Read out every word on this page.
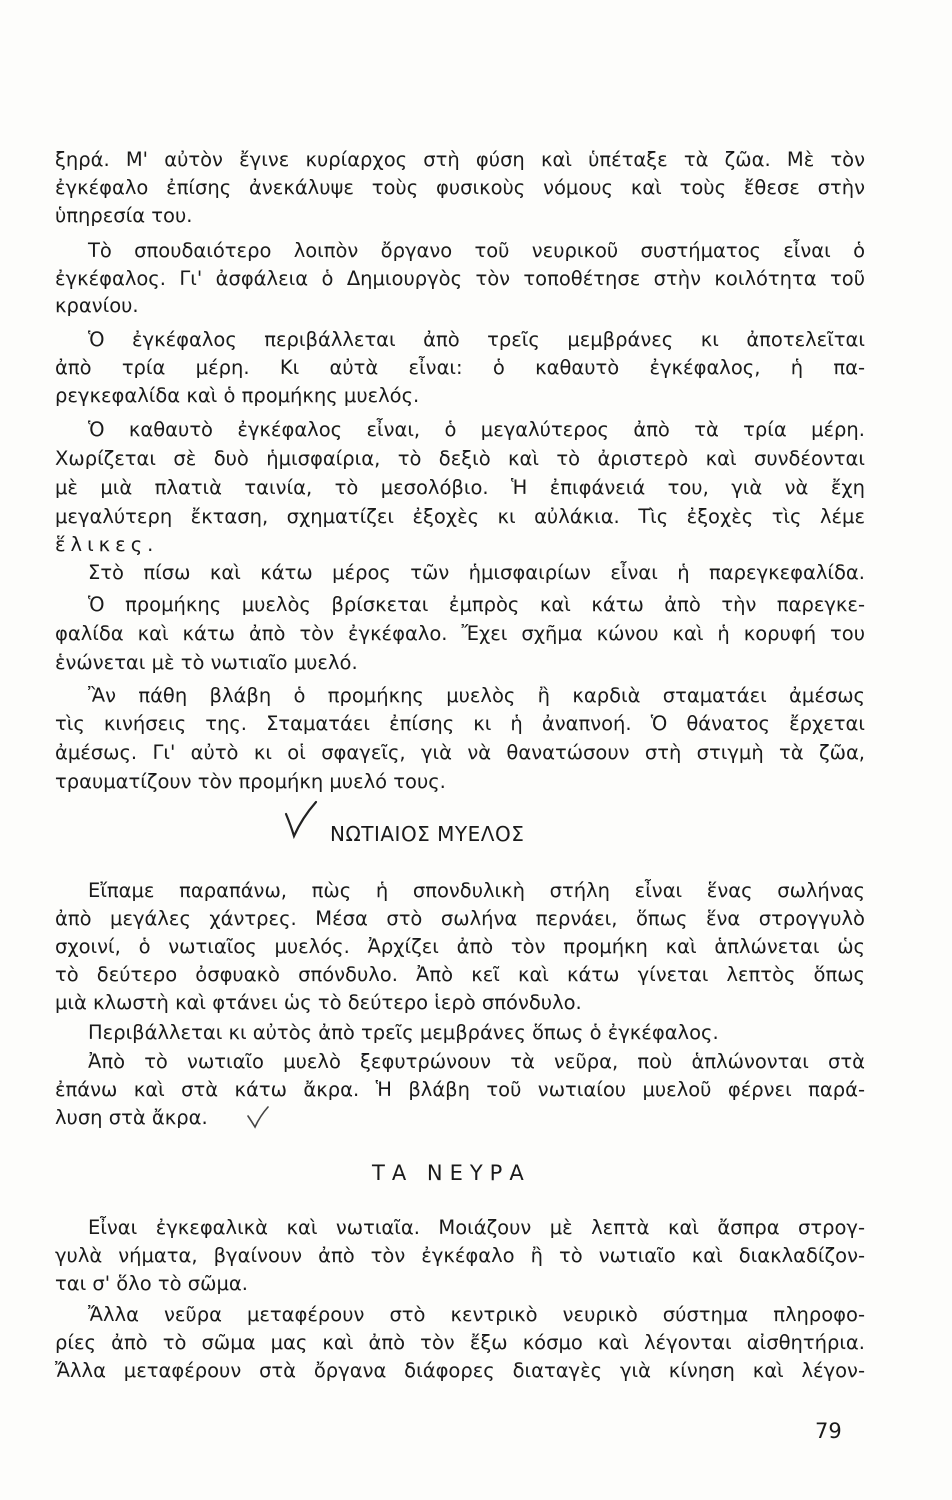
ξηρά. Μ' αὐτὸν ἔγινε κυρίαρχος στὴ φύση καὶ ὑπέταξε τὰ ζῶα. Μὲ τὸν
ἐγκέφαλο ἐπίσης ἀνεκάλυψε τοὺς φυσικοὺς νόμους καὶ τοὺς ἔθεσε στὴν
ὑπηρεσία του.
Τὸ σπουδαιότερο λοιπὸν ὄργανο τοῦ νευρικοῦ συστήματος εἶναι ὁ
ἐγκέφαλος. Γι' ἀσφάλεια ὁ Δημιουργὸς τὸν τοποθέτησε στὴν κοιλότητα τοῦ
κρανίου.
Ὁ ἐγκέφαλος περιβάλλεται ἀπὸ τρεῖς μεμβράνες κι ἀποτελεῖται
ἀπὸ τρία μέρη. Κι αὐτὰ εἶναι: ὁ καθαυτὸ ἐγκέφαλος, ἡ πα-
ρεγκεφαλίδα καὶ ὁ προμήκης μυελός.
Ὁ καθαυτὸ ἐγκέφαλος εἶναι, ὁ μεγαλύτερος ἀπὸ τὰ τρία μέρη.
Χωρίζεται σὲ δυὸ ἡμισφαίρια, τὸ δεξιὸ καὶ τὸ ἀριστερὸ καὶ συνδέονται
μὲ μιὰ πλατιὰ ταινία, τὸ μεσολόβιο. Ἡ ἐπιφάνειά του, γιὰ νὰ ἔχη
μεγαλύτερη ἔκταση, σχηματίζει ἐξοχὲς κι αὐλάκια. Τὶς ἐξοχὲς τὶς λέμε
ἕλικες.
Στὸ πίσω καὶ κάτω μέρος τῶν ἡμισφαιρίων εἶναι ἡ παρεγκεφαλίδα.
Ὁ προμήκης μυελὸς βρίσκεται ἐμπρὸς καὶ κάτω ἀπὸ τὴν παρεγκε-
φαλίδα καὶ κάτω ἀπὸ τὸν ἐγκέφαλο. Ἔχει σχῆμα κώνου καὶ ἡ κορυφή του
ἑνώνεται μὲ τὸ νωτιαῖο μυελό.
Ἂν πάθη βλάβη ὁ προμήκης μυελὸς ἢ καρδιὰ σταματάει ἀμέσως
τὶς κινήσεις της. Σταματάει ἐπίσης κι ἡ ἀναπνοή. Ὁ θάνατος ἔρχεται
ἀμέσως. Γι' αὐτὸ κι οἱ σφαγεῖς, γιὰ νὰ θανατώσουν στὴ στιγμὴ τὰ ζῶα,
τραυματίζουν τὸν προμήκη μυελό τους.
ΝΩΤΙΑΙΟΣ ΜΥΕΛΟΣ
Εἴπαμε παραπάνω, πὼς ἡ σπονδυλικὴ στήλη εἶναι ἕνας σωλήνας
ἀπὸ μεγάλες χάντρες. Μέσα στὸ σωλήνα περνάει, ὅπως ἕνα στρογγυλὸ
σχοινί, ὁ νωτιαῖος μυελός. Ἀρχίζει ἀπὸ τὸν προμήκη καὶ ἁπλώνεται ὡς
τὸ δεύτερο ὀσφυακὸ σπόνδυλο. Ἀπὸ κεῖ καὶ κάτω γίνεται λεπτὸς ὅπως
μιὰ κλωστὴ καὶ φτάνει ὡς τὸ δεύτερο ἱερὸ σπόνδυλο.
Περιβάλλεται κι αὐτὸς ἀπὸ τρεῖς μεμβράνες ὅπως ὁ ἐγκέφαλος.
Ἀπὸ τὸ νωτιαῖο μυελὸ ξεφυτρώνουν τὰ νεῦρα, ποὺ ἁπλώνονται στὰ
ἐπάνω καὶ στὰ κάτω ἄκρα. Ἡ βλάβη τοῦ νωτιαίου μυελοῦ φέρνει παρά-
λυση στὰ ἄκρα.
ΤΑ ΝΕΥΡΑ
Εἶναι ἐγκεφαλικὰ καὶ νωτιαῖα. Μοιάζουν μὲ λεπτὰ καὶ ἄσπρα στρογ-
γυλὰ νήματα, βγαίνουν ἀπὸ τὸν ἐγκέφαλο ἢ τὸ νωτιαῖο καὶ διακλαδίζον-
ται σ' ὅλο τὸ σῶμα.
Ἄλλα νεῦρα μεταφέρουν στὸ κεντρικὸ νευρικὸ σύστημα πληροφο-
ρίες ἀπὸ τὸ σῶμα μας καὶ ἀπὸ τὸν ἔξω κόσμο καὶ λέγονται αἰσθητήρια.
Ἄλλα μεταφέρουν στὰ ὄργανα διάφορες διαταγὲς γιὰ κίνηση καὶ λέγον-
79
